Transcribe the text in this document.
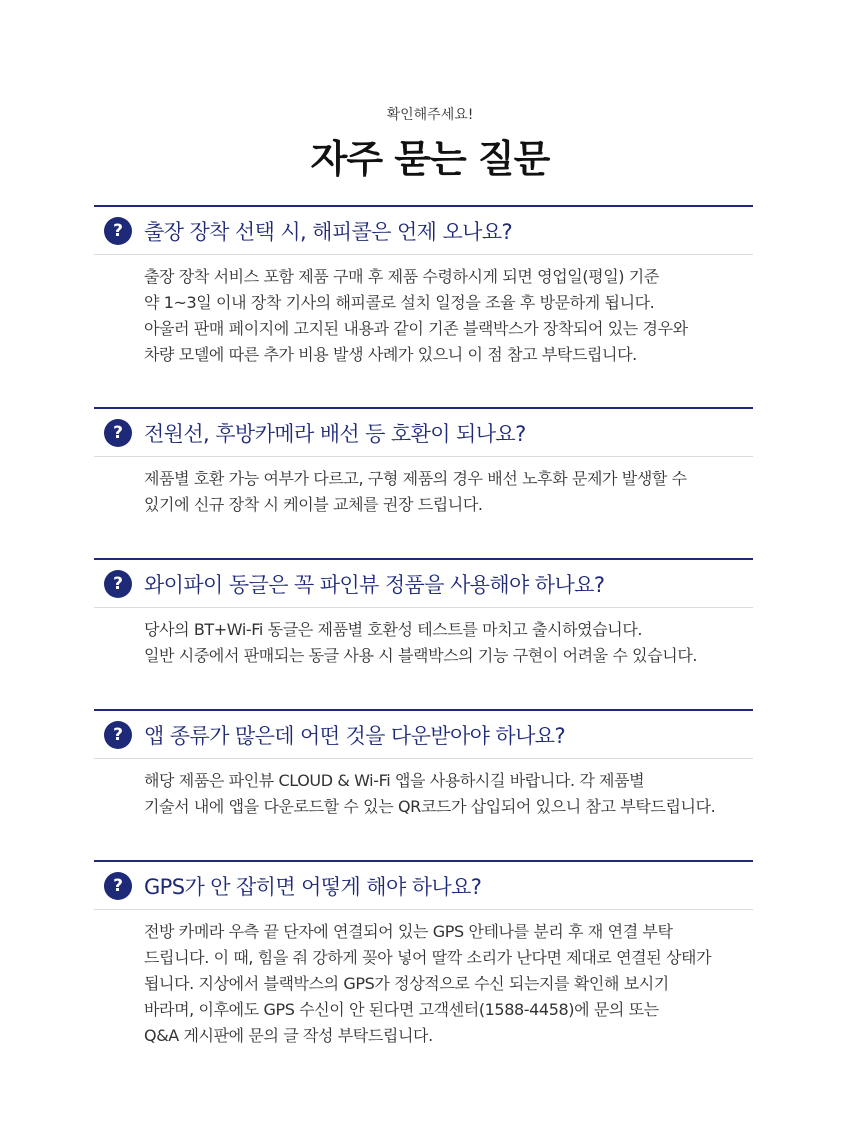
확인해주세요!
자주 묻는 질문
?	출장 장착 선택 시, 해피콜은 언제 오나요?
출장 장착 서비스 포함 제품 구매 후 제품 수령하시게 되면 영업일(평일) 기준
약 1~3일 이내 장착 기사의 해피콜로 설치 일정을 조율 후 방문하게 됩니다.
아울러 판매 페이지에 고지된 내용과 같이 기존 블랙박스가 장착되어 있는 경우와
차량 모델에 따른 추가 비용 발생 사례가 있으니 이 점 참고 부탁드립니다.
?	전원선, 후방카메라 배선 등 호환이 되나요?
제품별 호환 가능 여부가 다르고, 구형 제품의 경우 배선 노후화 문제가 발생할 수
있기에 신규 장착 시 케이블 교체를 권장 드립니다.
?	와이파이 동글은 꼭 파인뷰 정품을 사용해야 하나요?
당사의 BT+Wi-Fi 동글은 제품별 호환성 테스트를 마치고 출시하였습니다.
일반 시중에서 판매되는 동글 사용 시 블랙박스의 기능 구현이 어려울 수 있습니다.
?	앱 종류가 많은데 어떤 것을 다운받아야 하나요?
해당 제품은 파인뷰 CLOUD & Wi-Fi 앱을 사용하시길 바랍니다. 각 제품별
기술서 내에 앱을 다운로드할 수 있는 QR코드가 삽입되어 있으니 참고 부탁드립니다.
?	GPS가 안 잡히면 어떻게 해야 하나요?
전방 카메라 우측 끝 단자에 연결되어 있는 GPS 안테나를 분리 후 재 연결 부탁
드립니다. 이 때, 힘을 줘 강하게 꽂아 넣어 딸깍 소리가 난다면 제대로 연결된 상태가
됩니다. 지상에서 블랙박스의 GPS가 정상적으로 수신 되는지를 확인해 보시기
바라며, 이후에도 GPS 수신이 안 된다면 고객센터(1588-4458)에 문의 또는
Q&A 게시판에 문의 글 작성 부탁드립니다.
